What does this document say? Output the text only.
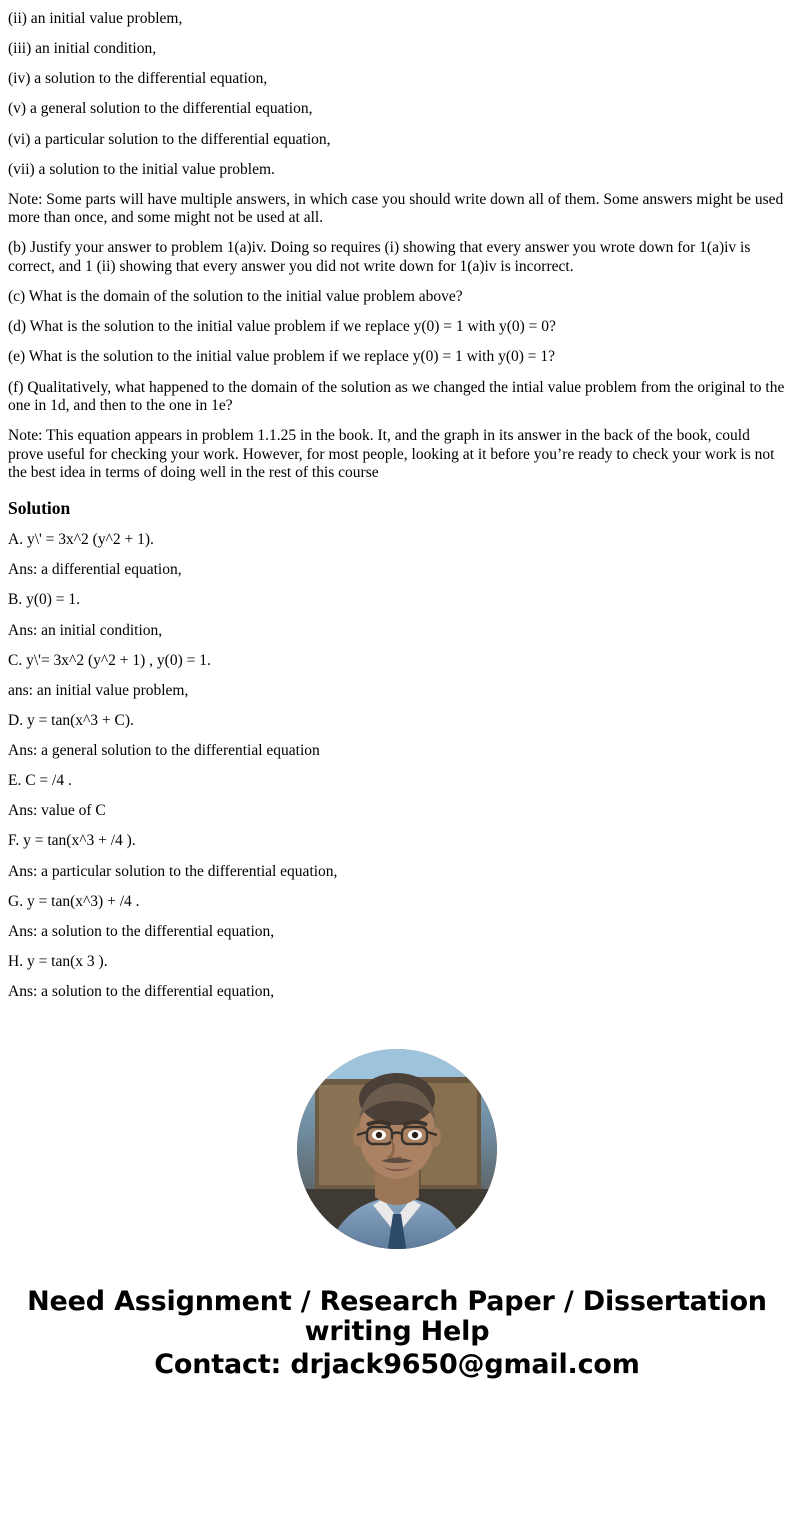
(ii) an initial value problem,

(iii) an initial condition,

(iv) a solution to the differential equation,

(v) a general solution to the differential equation,

(vi) a particular solution to the differential equation,

(vii) a solution to the initial value problem.

Note: Some parts will have multiple answers, in which case you should write down all of them. Some answers might be used more than once, and some might not be used at all.

(b) Justify your answer to problem 1(a)iv. Doing so requires (i) showing that every answer you wrote down for 1(a)iv is correct, and 1 (ii) showing that every answer you did not write down for 1(a)iv is incorrect.

(c) What is the domain of the solution to the initial value problem above?

(d) What is the solution to the initial value problem if we replace y(0) = 1 with y(0) = 0?

(e) What is the solution to the initial value problem if we replace y(0) = 1 with y(0) = 1?

(f) Qualitatively, what happened to the domain of the solution as we changed the intial value problem from the original to the one in 1d, and then to the one in 1e?

Note: This equation appears in problem 1.1.25 in the book. It, and the graph in its answer in the back of the book, could prove useful for checking your work. However, for most people, looking at it before you’re ready to check your work is not the best idea in terms of doing well in the rest of this course

Solution

A. y\' = 3x^2 (y^2 + 1).

Ans: a differential equation,

B. y(0) = 1.

Ans: an initial condition,

C. y\'= 3x^2 (y^2 + 1) , y(0) = 1.

ans: an initial value problem,

D. y = tan(x^3 + C).

Ans: a general solution to the differential equation

E. C = /4 .

Ans: value of C

F. y = tan(x^3 + /4 ).

Ans: a particular solution to the differential equation,

G. y = tan(x^3) + /4 .

Ans: a solution to the differential equation,

H. y = tan(x 3 ).

Ans: a solution to the differential equation,

Need Assignment / Research Paper / Dissertation writing Help
Contact: drjack9650@gmail.com
